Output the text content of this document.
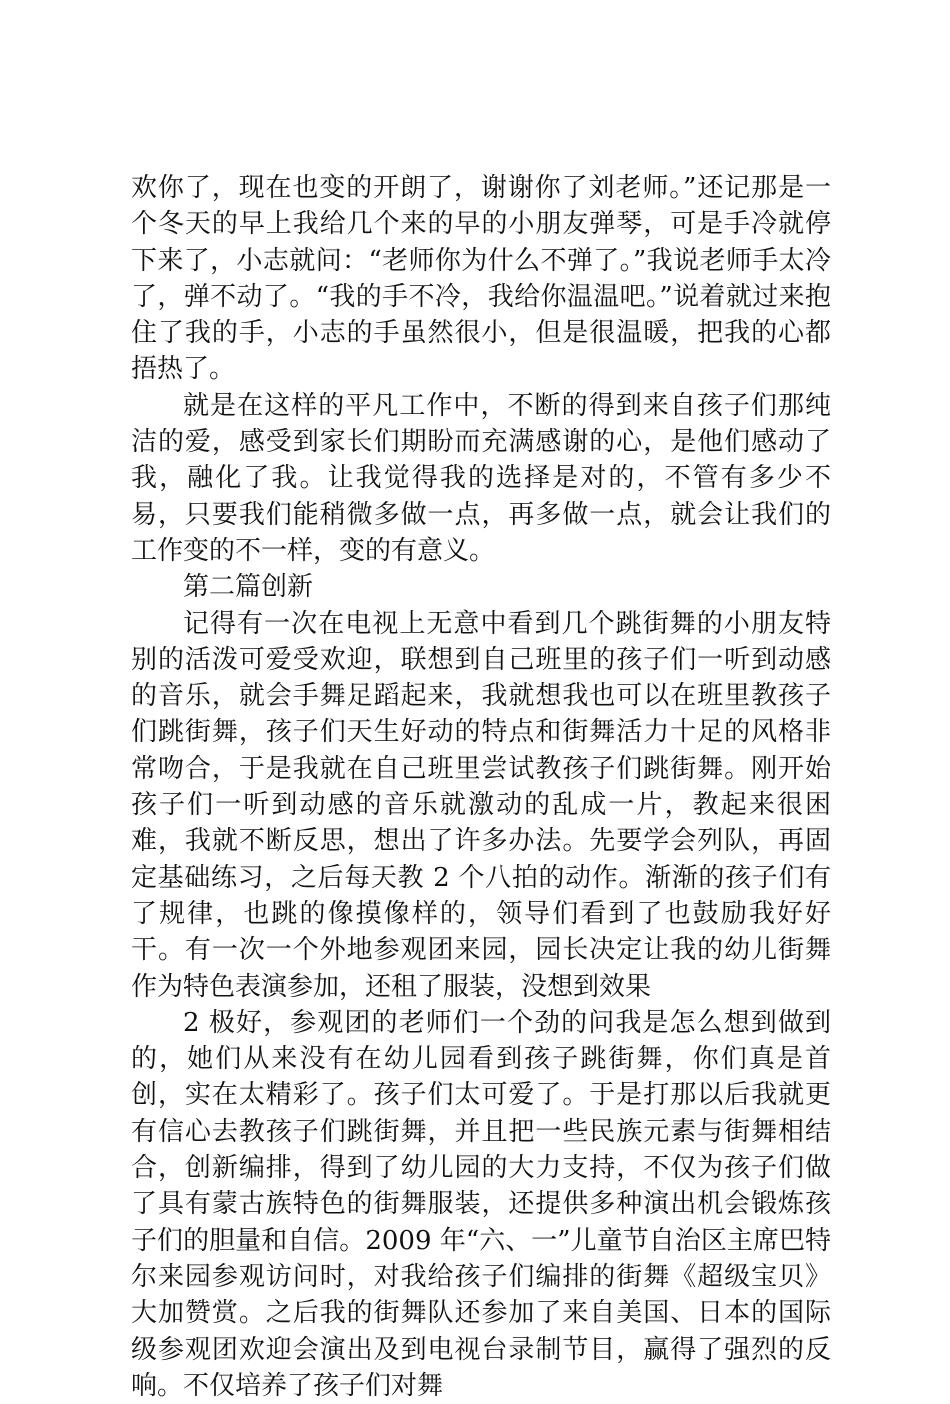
欢你了，现在也变的开朗了，谢谢你了刘老师。”还记那是一个冬天的早上我给几个来的早的小朋友弹琴，可是手冷就停下来了，小志就问：“老师你为什么不弹了。”我说老师手太冷了，弹不动了。“我的手不冷，我给你温温吧。”说着就过来抱住了我的手，小志的手虽然很小，但是很温暖，把我的心都捂热了。

就是在这样的平凡工作中，不断的得到来自孩子们那纯洁的爱，感受到家长们期盼而充满感谢的心，是他们感动了我，融化了我。让我觉得我的选择是对的，不管有多少不易，只要我们能稍微多做一点，再多做一点，就会让我们的工作变的不一样，变的有意义。

第二篇创新

记得有一次在电视上无意中看到几个跳街舞的小朋友特别的活泼可爱受欢迎，联想到自己班里的孩子们一听到动感的音乐，就会手舞足蹈起来，我就想我也可以在班里教孩子们跳街舞，孩子们天生好动的特点和街舞活力十足的风格非常吻合，于是我就在自己班里尝试教孩子们跳街舞。刚开始孩子们一听到动感的音乐就激动的乱成一片，教起来很困难，我就不断反思，想出了许多办法。先要学会列队，再固定基础练习，之后每天教 2 个八拍的动作。渐渐的孩子们有了规律，也跳的像摸像样的，领导们看到了也鼓励我好好干。有一次一个外地参观团来园，园长决定让我的幼儿街舞作为特色表演参加，还租了服装，没想到效果

2 极好，参观团的老师们一个劲的问我是怎么想到做到的，她们从来没有在幼儿园看到孩子跳街舞，你们真是首创，实在太精彩了。孩子们太可爱了。于是打那以后我就更有信心去教孩子们跳街舞，并且把一些民族元素与街舞相结合，创新编排，得到了幼儿园的大力支持，不仅为孩子们做了具有蒙古族特色的街舞服装，还提供多种演出机会锻炼孩子们的胆量和自信。2009 年“六、一”儿童节自治区主席巴特尔来园参观访问时，对我给孩子们编排的街舞《超级宝贝》大加赞赏。之后我的街舞队还参加了来自美国、日本的国际级参观团欢迎会演出及到电视台录制节目，赢得了强烈的反响。不仅培养了孩子们对舞
